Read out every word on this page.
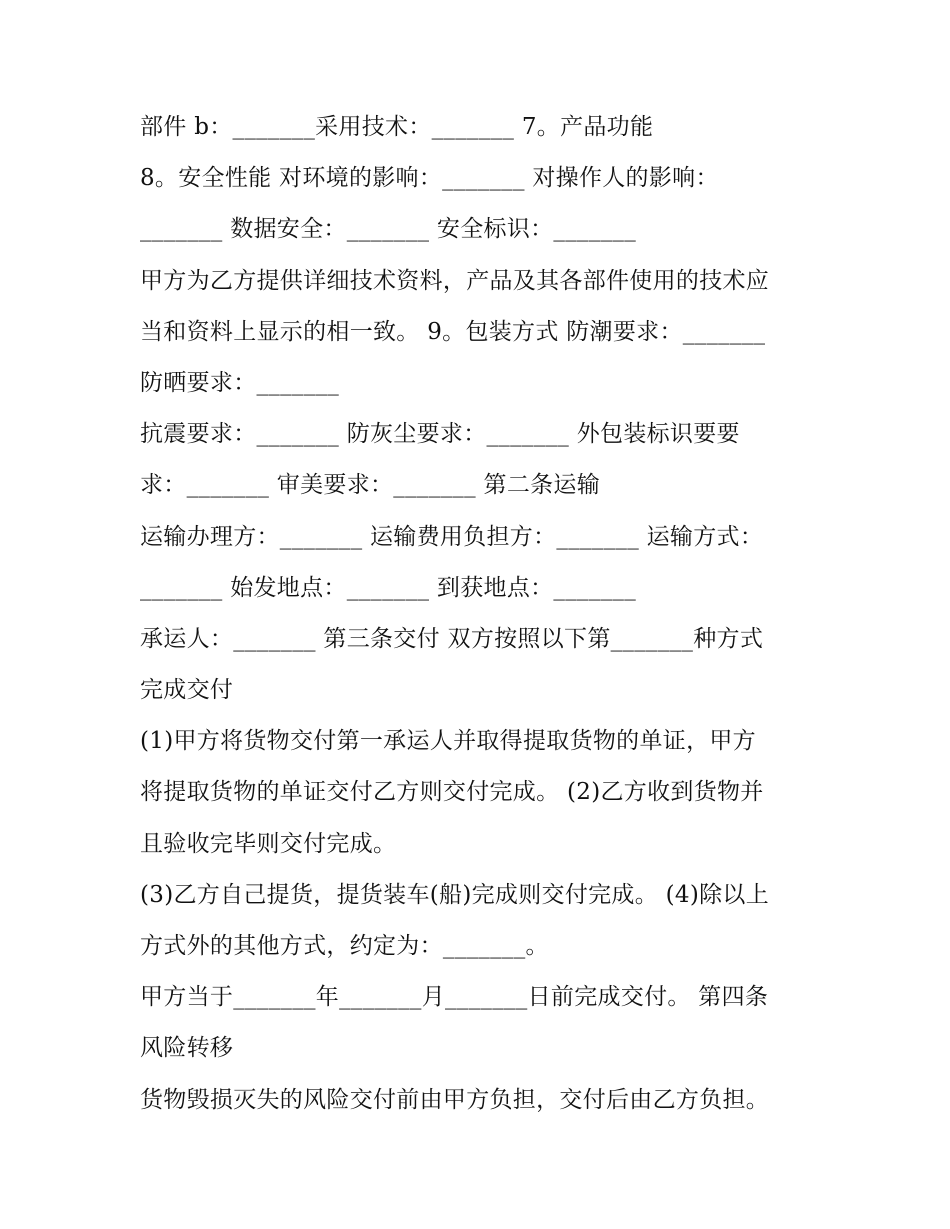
部件 b：_______采用技术：_______ 7。产品功能
8。安全性能 对环境的影响：_______ 对操作人的影响：
_______ 数据安全：_______ 安全标识：_______
甲方为乙方提供详细技术资料，产品及其各部件使用的技术应
当和资料上显示的相一致。 9。包装方式 防潮要求：_______
防晒要求：_______
抗震要求：_______ 防灰尘要求：_______ 外包装标识要要
求：_______ 审美要求：_______ 第二条运输
运输办理方：_______ 运输费用负担方：_______ 运输方式：
_______ 始发地点：_______ 到获地点：_______
承运人：_______ 第三条交付 双方按照以下第_______种方式
完成交付
(1)甲方将货物交付第一承运人并取得提取货物的单证，甲方
将提取货物的单证交付乙方则交付完成。 (2)乙方收到货物并
且验收完毕则交付完成。
(3)乙方自己提货，提货装车(船)完成则交付完成。 (4)除以上
方式外的其他方式，约定为：_______。
甲方当于_______年_______月_______日前完成交付。 第四条
风险转移
货物毁损灭失的风险交付前由甲方负担，交付后由乙方负担。
